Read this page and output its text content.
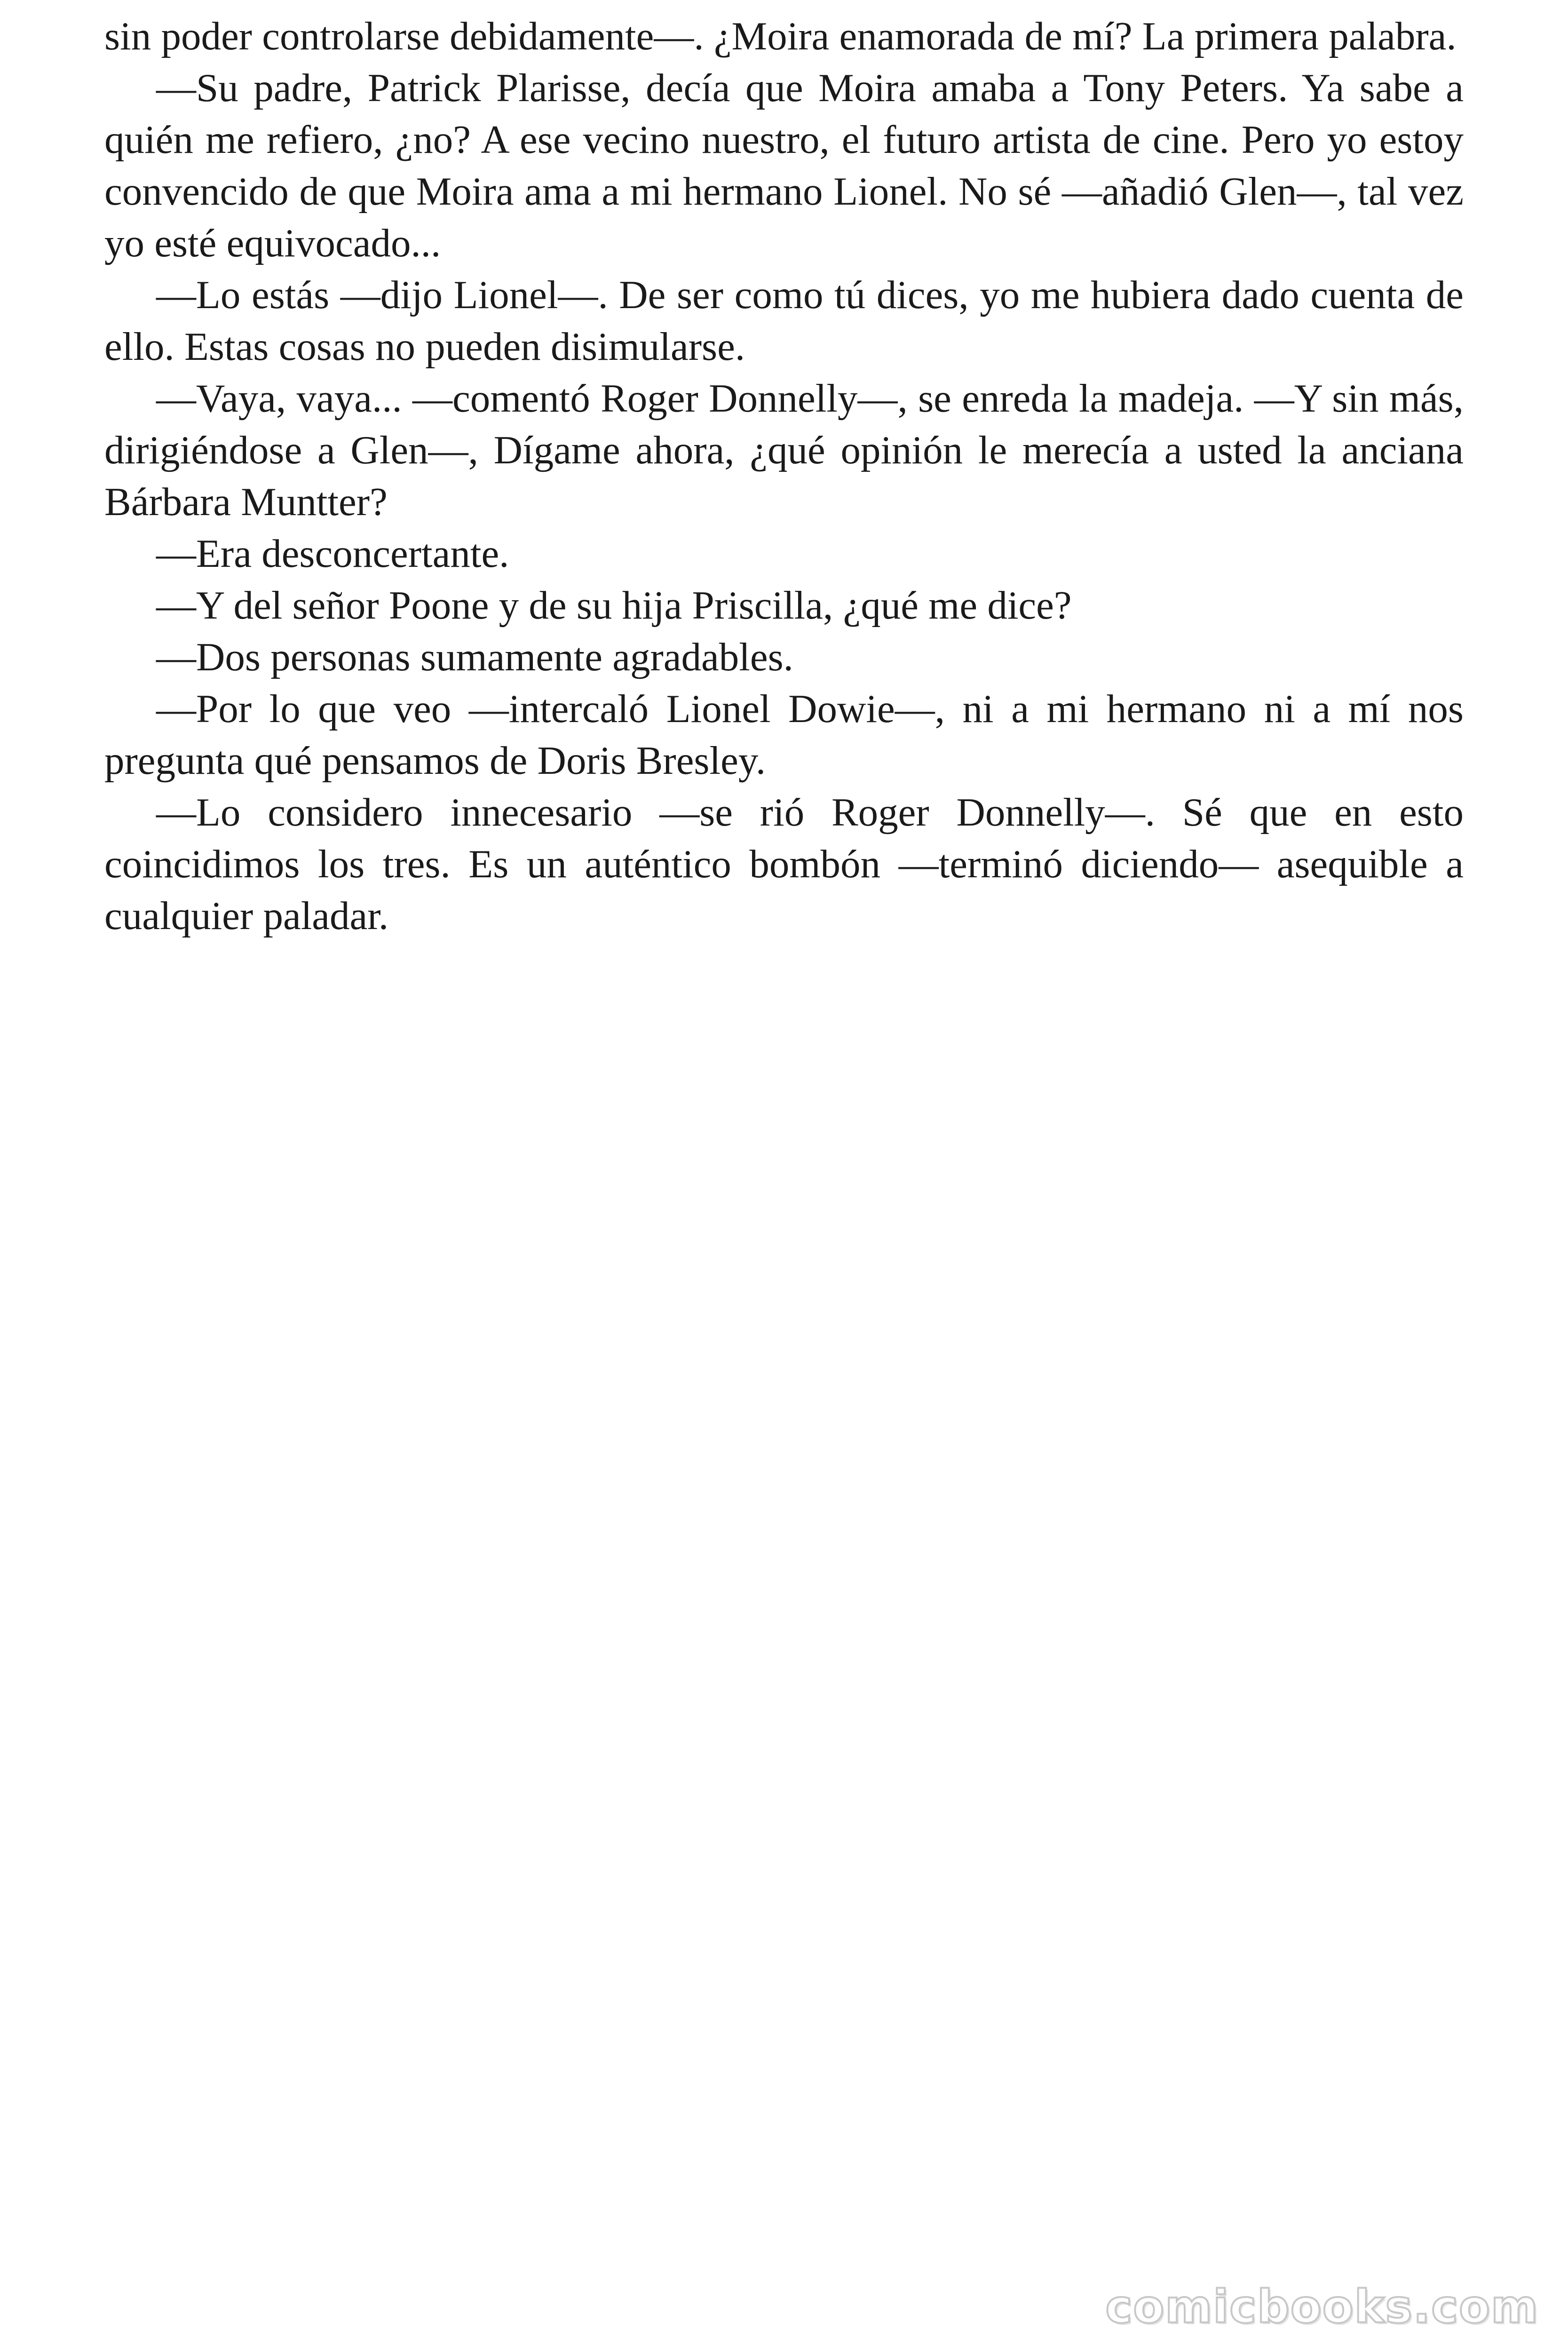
sin poder controlarse debidamente—. ¿Moira enamorada de mí? La primera palabra.

—Su padre, Patrick Plarisse, decía que Moira amaba a Tony Peters. Ya sabe a quién me refiero, ¿no? A ese vecino nuestro, el futuro artista de cine. Pero yo estoy convencido de que Moira ama a mi hermano Lionel. No sé —añadió Glen—, tal vez yo esté equivocado...

—Lo estás —dijo Lionel—. De ser como tú dices, yo me hubiera dado cuenta de ello. Estas cosas no pueden disimularse.

—Vaya, vaya... —comentó Roger Donnelly—, se enreda la madeja. —Y sin más, dirigiéndose a Glen—, Dígame ahora, ¿qué opinión le merecía a usted la anciana Bárbara Muntter?

—Era desconcertante.

—Y del señor Poone y de su hija Priscilla, ¿qué me dice?

—Dos personas sumamente agradables.

—Por lo que veo —intercaló Lionel Dowie—, ni a mi hermano ni a mí nos pregunta qué pensamos de Doris Bresley.

—Lo considero innecesario —se rió Roger Donnelly—. Sé que en esto coincidimos los tres. Es un auténtico bombón —terminó diciendo— asequible a cualquier paladar.

comicbooks.com
